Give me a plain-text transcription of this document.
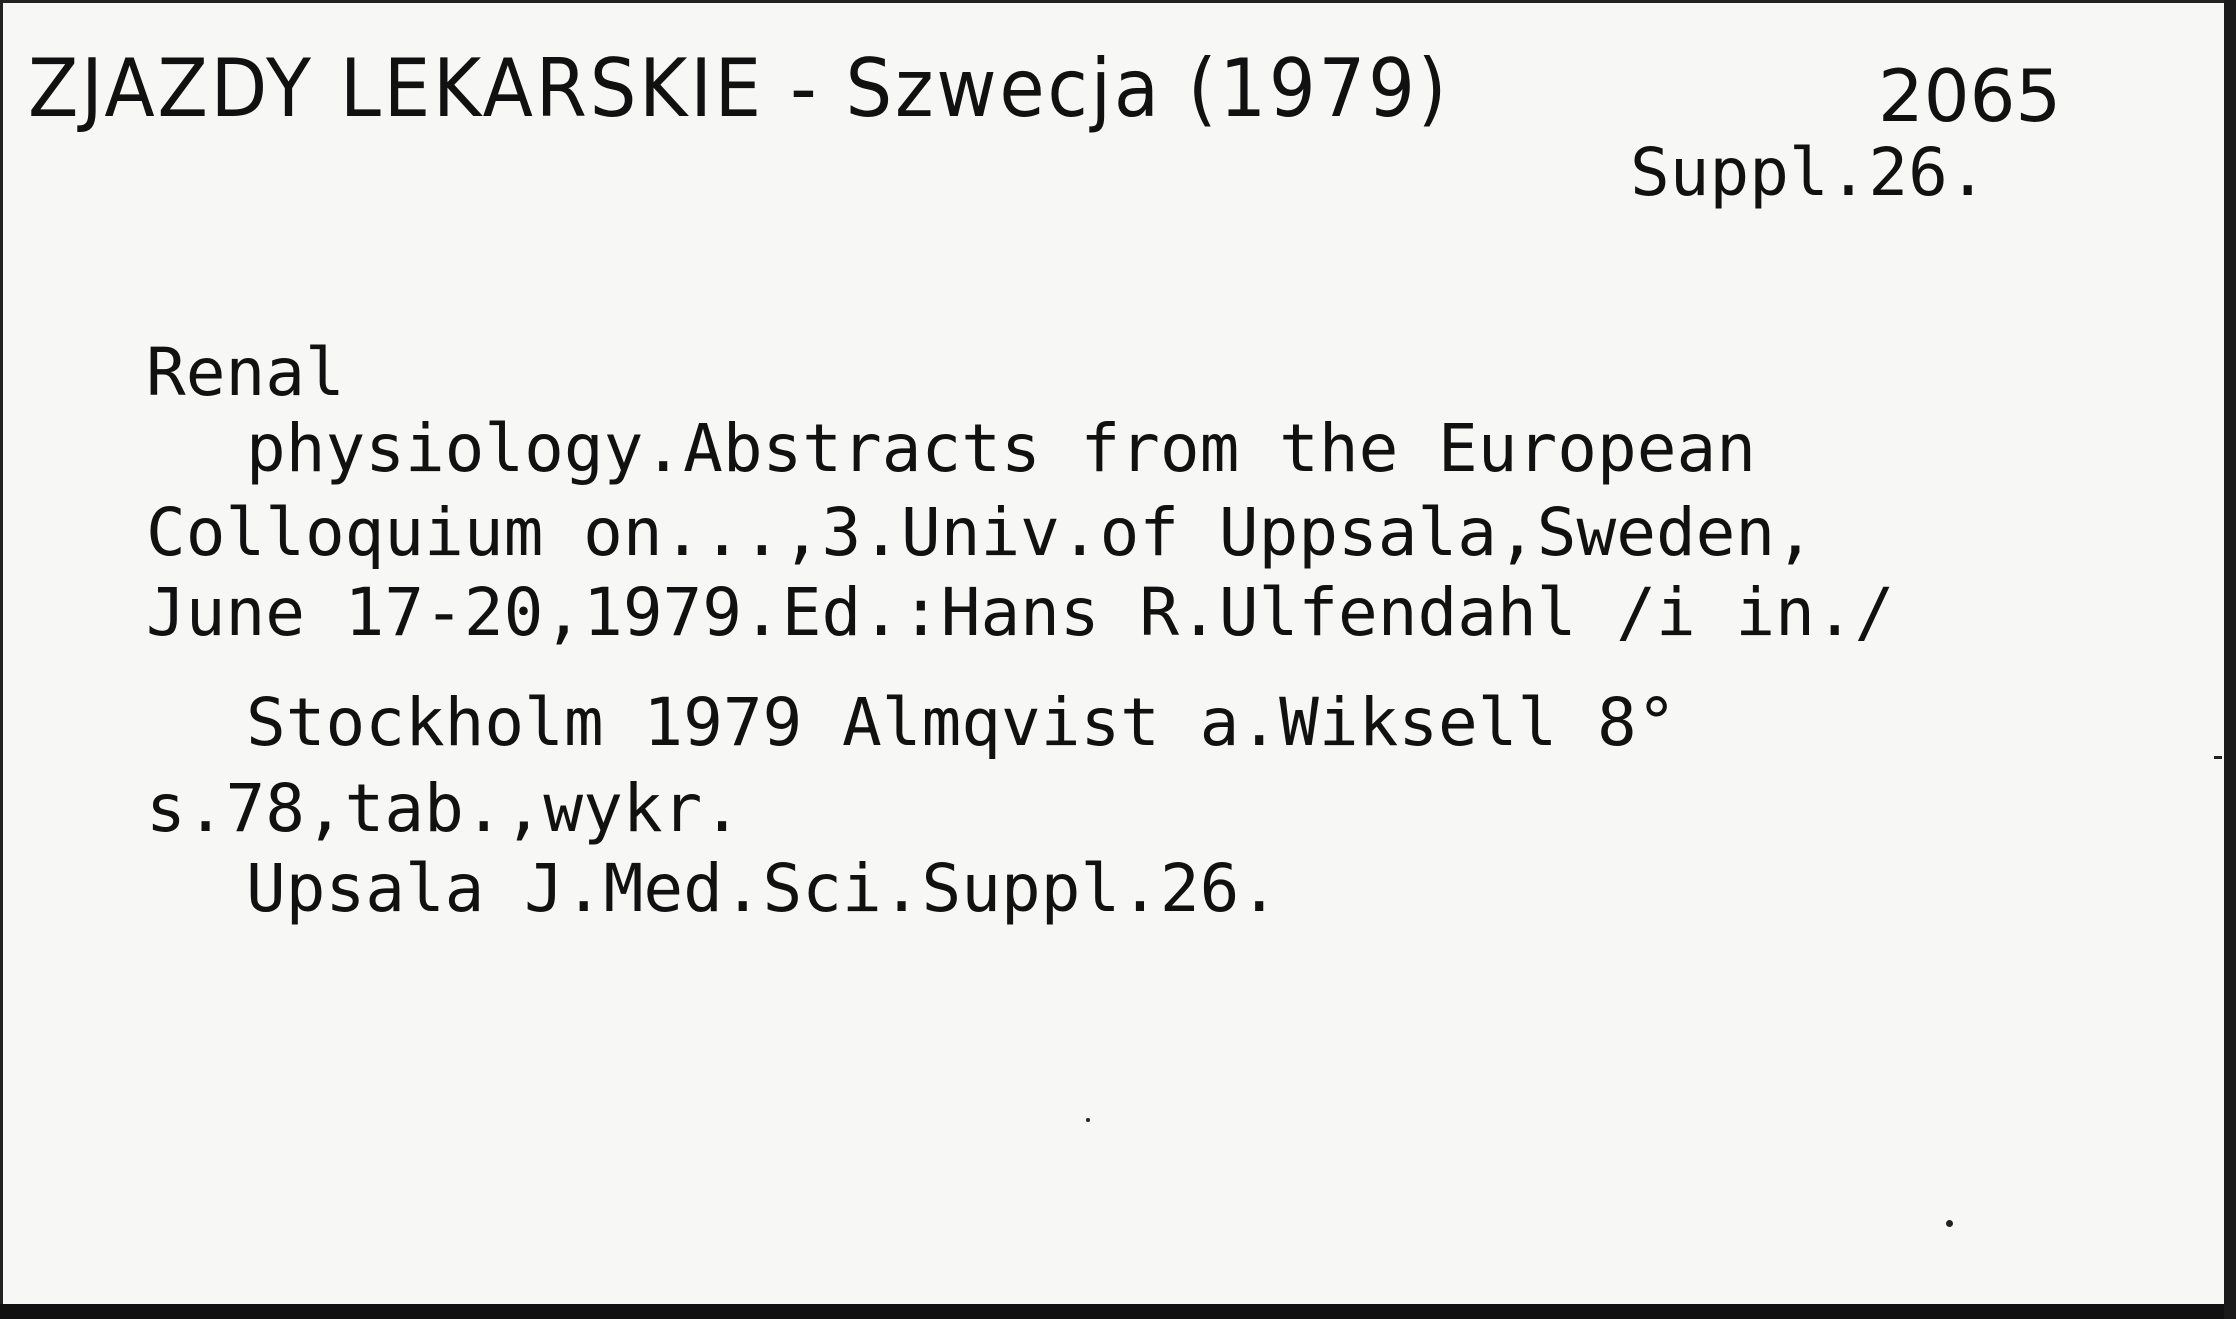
ZJAZDY LEKARSKIE - Szwecja (1979)	2065
Suppl.26.
Renal
physiology.Abstracts from the European
Colloquium on...,3.Univ.of Uppsala,Sweden,
June 17-20,1979.Ed.:Hans R.Ulfendahl /i in./
Stockholm 1979 Almqvist a.Wiksell 8°
s.78,tab.,wykr.
Upsala J.Med.Sci.Suppl.26.
